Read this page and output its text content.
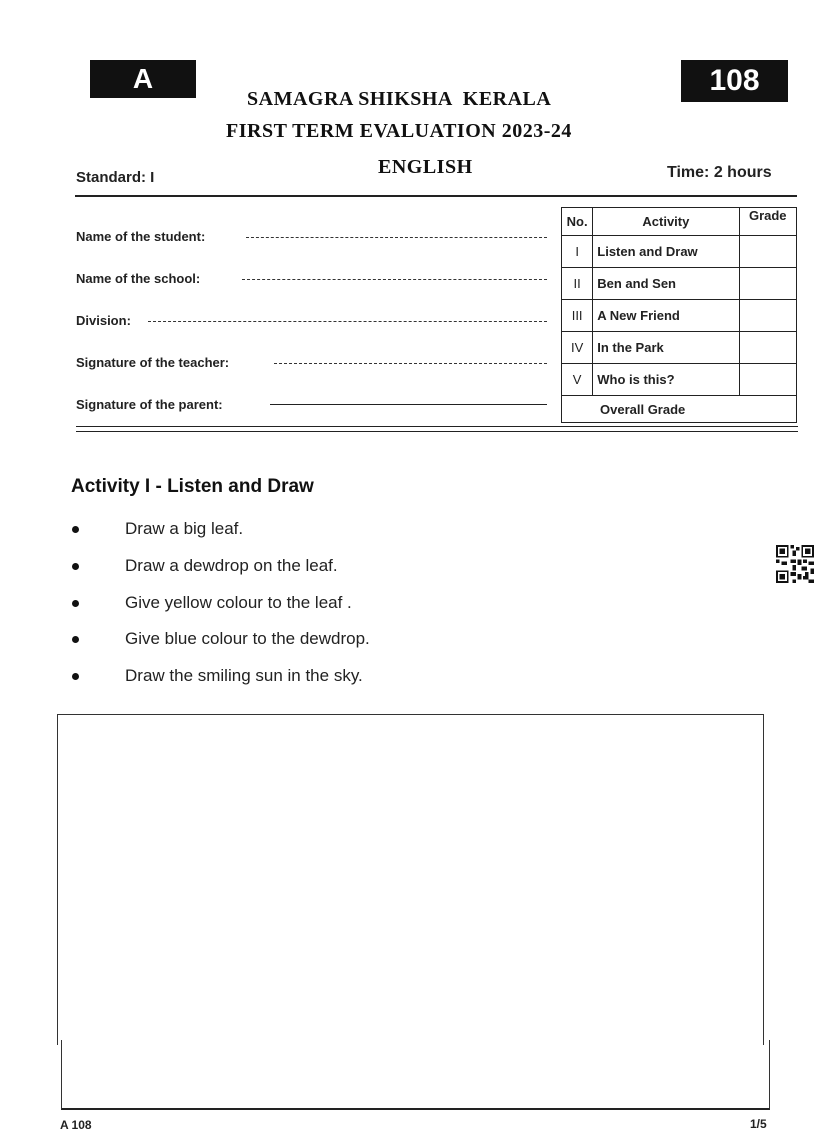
A	108
SAMAGRA SHIKSHA  KERALA
FIRST TERM EVALUATION 2023-24
ENGLISH
Standard: I	Time: 2 hours
Name of the student:
Name of the school:
Division:
Signature of the teacher:
Signature of the parent:
No.	Activity	Grade
I	Listen and Draw	
II	Ben and Sen	
III	A New Friend	
IV	In the Park	
V	Who is this?	
Overall Grade		
Activity I - Listen and Draw
Draw a big leaf.
Draw a dewdrop on the leaf.
Give yellow colour to the leaf .
Give blue colour to the dewdrop.
Draw the smiling sun in the sky.
A 108	1/5
